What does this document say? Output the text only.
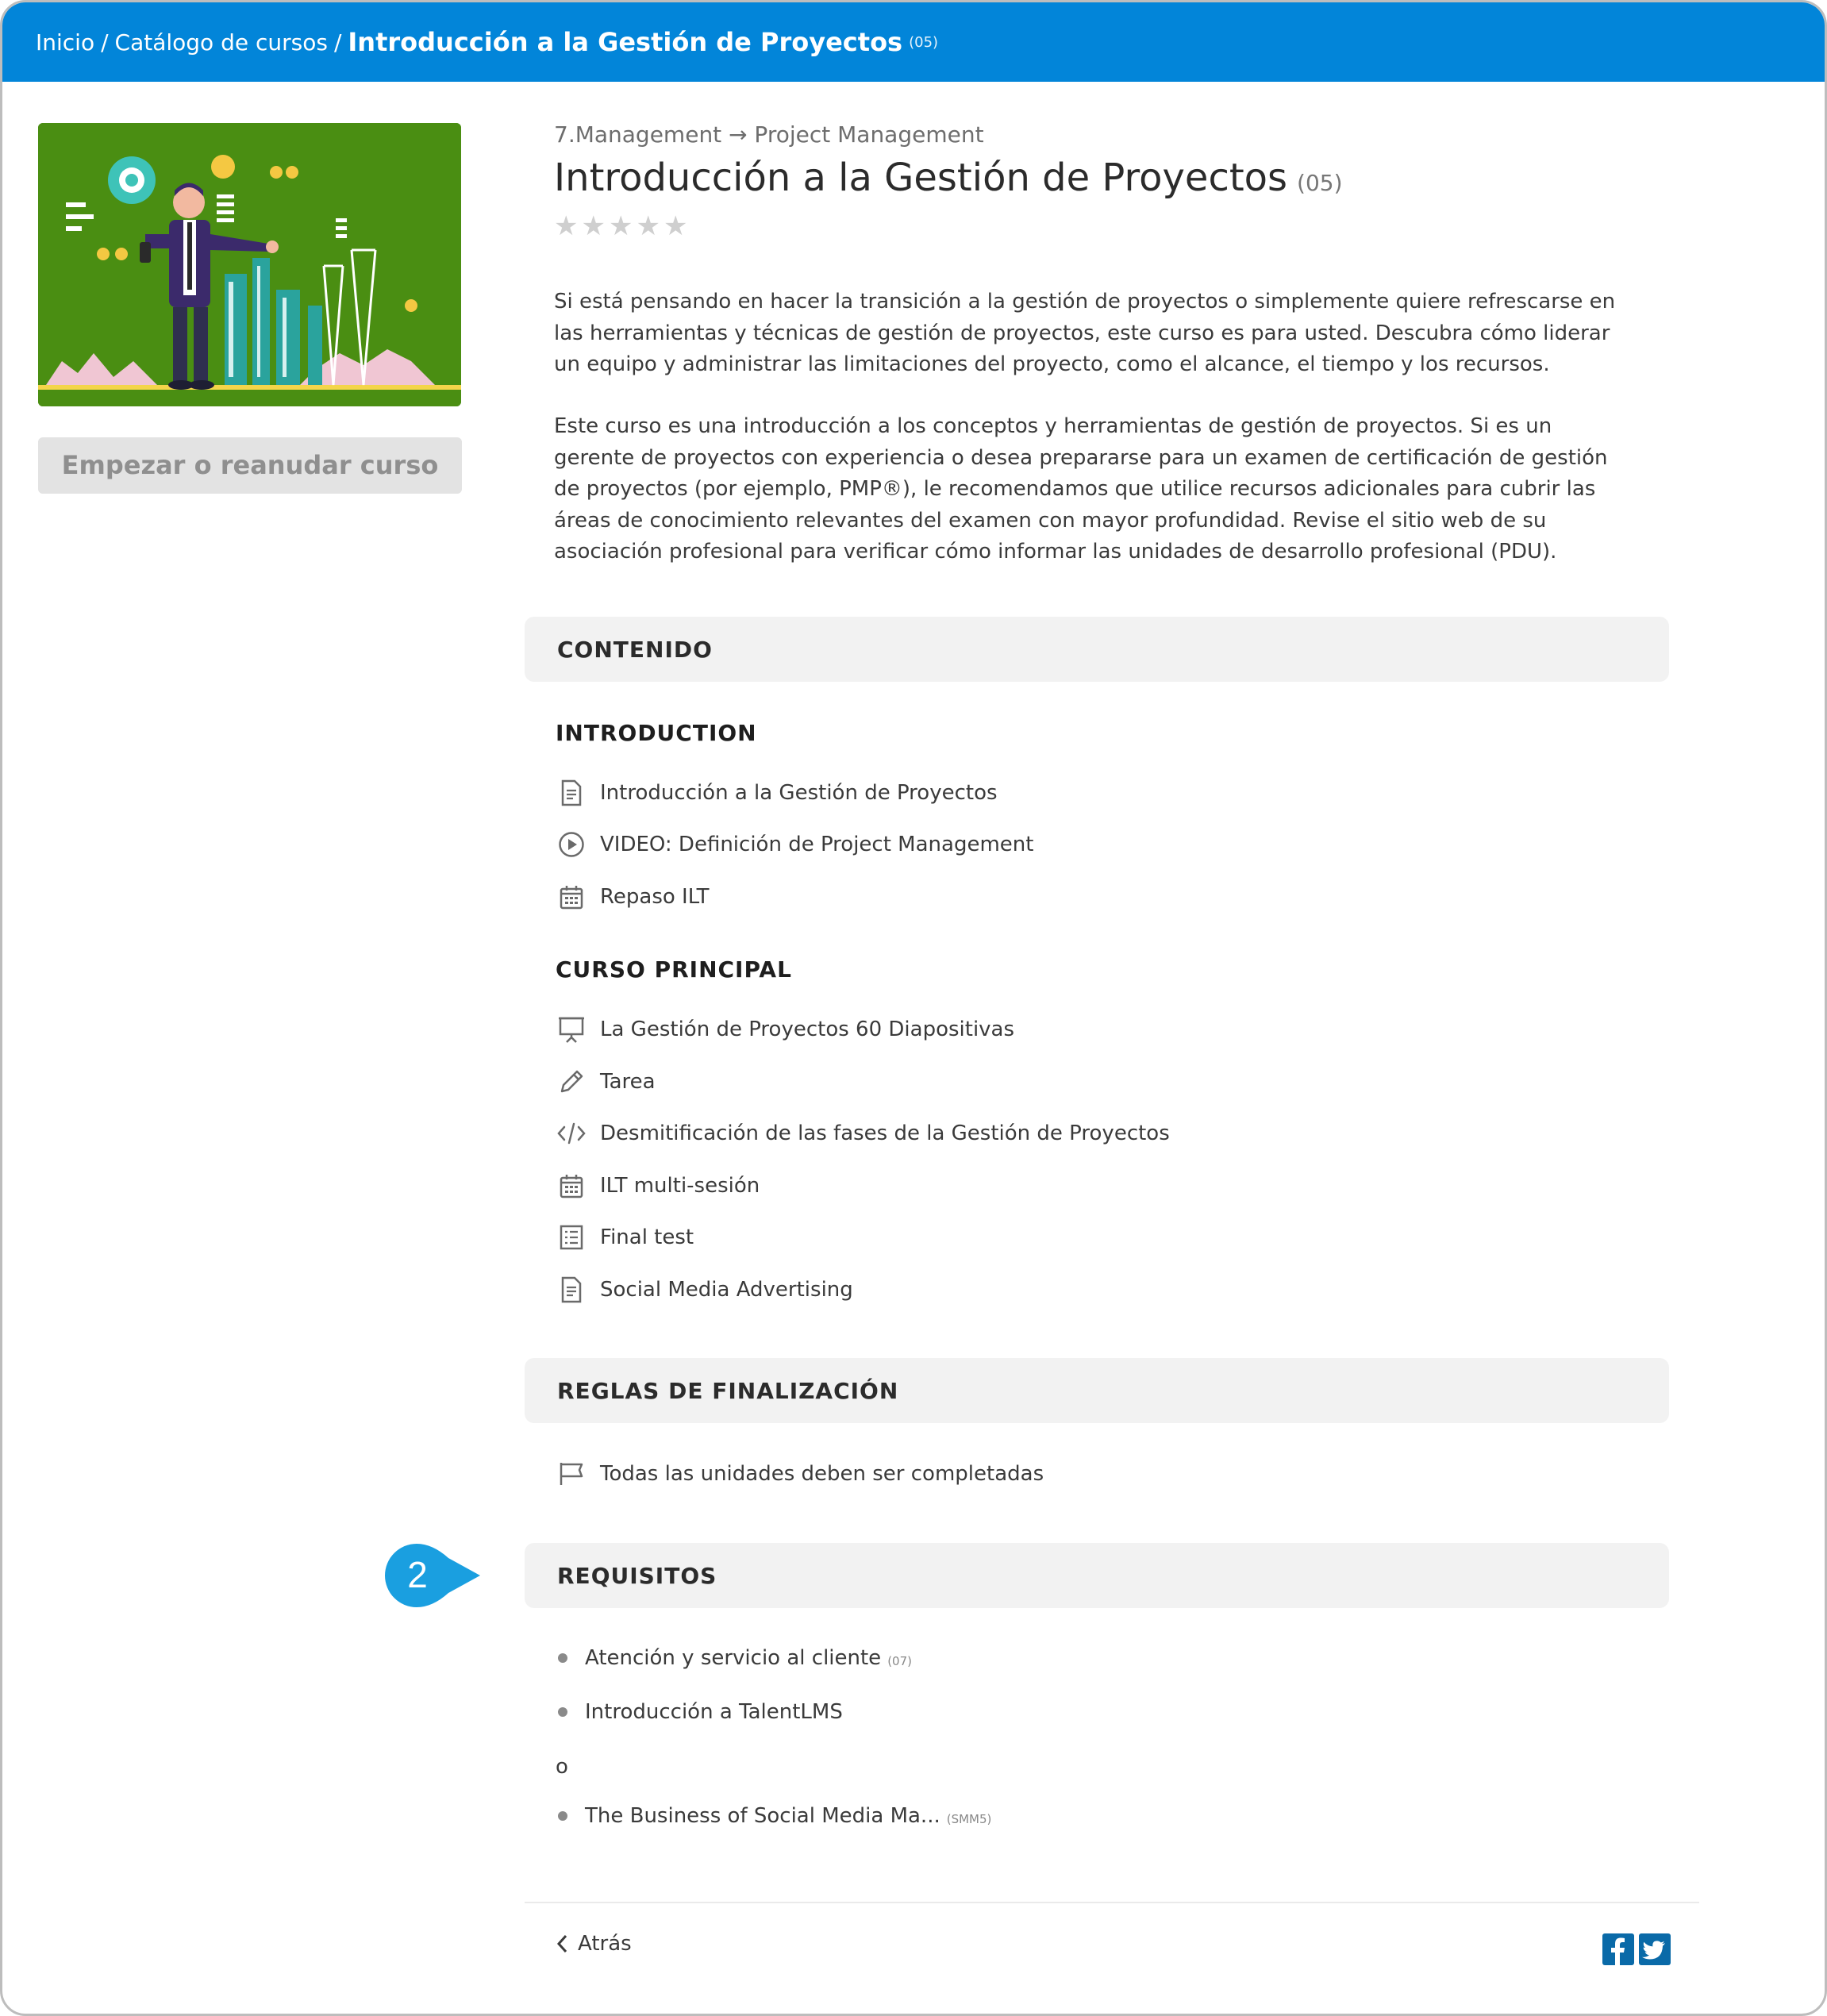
Inicio / Catálogo de cursos / Introducción a la Gestión de Proyectos (05)
Empezar o reanudar curso
7.Management → Project Management
Introducción a la Gestión de Proyectos (05)
★ ★ ★ ★ ★

Si está pensando en hacer la transición a la gestión de proyectos o simplemente quiere refrescarse en las herramientas y técnicas de gestión de proyectos, este curso es para usted. Descubra cómo liderar un equipo y administrar las limitaciones del proyecto, como el alcance, el tiempo y los recursos.

Este curso es una introducción a los conceptos y herramientas de gestión de proyectos. Si es un gerente de proyectos con experiencia o desea prepararse para un examen de certificación de gestión de proyectos (por ejemplo, PMP®), le recomendamos que utilice recursos adicionales para cubrir las áreas de conocimiento relevantes del examen con mayor profundidad. Revise el sitio web de su asociación profesional para verificar cómo informar las unidades de desarrollo profesional (PDU).

CONTENIDO
INTRODUCTION
Introducción a la Gestión de Proyectos
VIDEO: Definición de Project Management
Repaso ILT
CURSO PRINCIPAL
La Gestión de Proyectos 60 Diapositivas
Tarea
Desmitificación de las fases de la Gestión de Proyectos
ILT multi-sesión
Final test
Social Media Advertising
REGLAS DE FINALIZACIÓN
Todas las unidades deben ser completadas
2	REQUISITOS
Atención y servicio al cliente (07)
Introducción a TalentLMS
o
The Business of Social Media Ma... (SMM5)
Atrás
